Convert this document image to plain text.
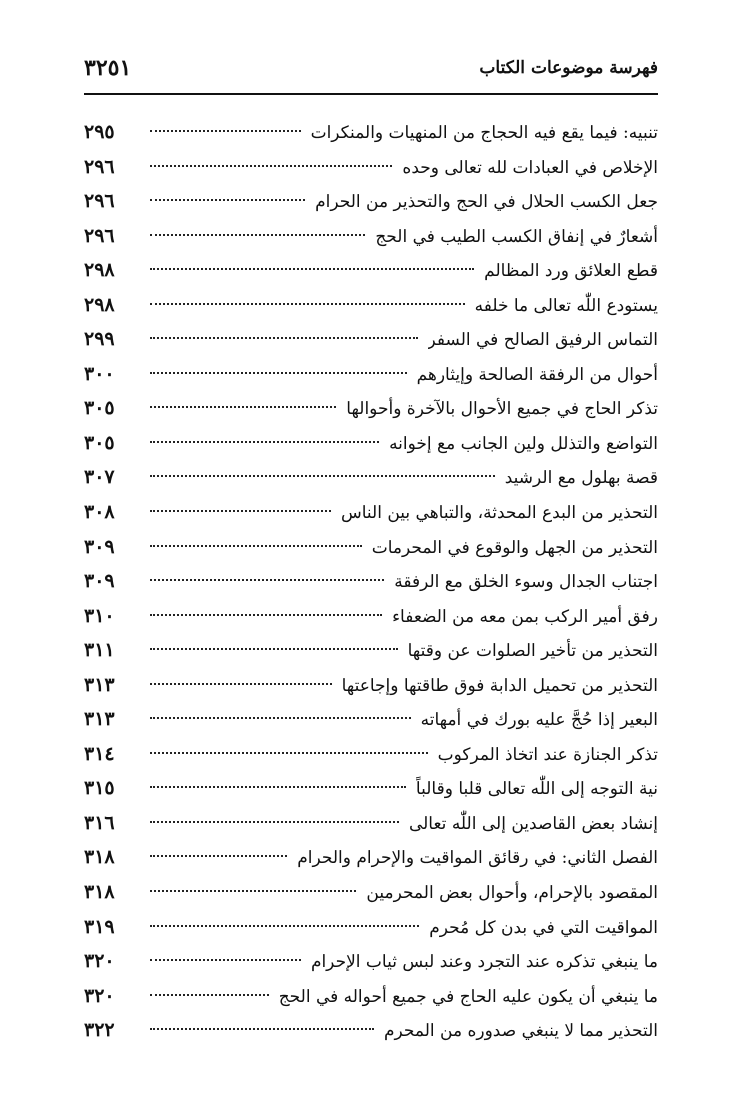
فهرسة موضوعات الكتاب
٣٢٥١
تنبيه: فيما يقع فيه الحجاج من المنهيات والمنكرات
٢٩٥
الإخلاص في العبادات لله تعالى وحده
٢٩٦
جعل الكسب الحلال في الحج والتحذير من الحرام
٢٩٦
أشعارٌ في إنفاق الكسب الطيب في الحج
٢٩٦
قطع العلائق ورد المظالم
٢٩٨
يستودع اللّٰه تعالى ما خلفه
٢٩٨
التماس الرفيق الصالح في السفر
٢٩٩
أحوال من الرفقة الصالحة وإيثارهم
٣٠٠
تذكر الحاج في جميع الأحوال بالآخرة وأحوالها
٣٠٥
التواضع والتذلل ولين الجانب مع إخوانه
٣٠٥
قصة بهلول مع الرشيد
٣٠٧
التحذير من البدع المحدثة، والتباهي بين الناس
٣٠٨
التحذير من الجهل والوقوع في المحرمات
٣٠٩
اجتناب الجدال وسوء الخلق مع الرفقة
٣٠٩
رفق أمير الركب بمن معه من الضعفاء
٣١٠
التحذير من تأخير الصلوات عن وقتها
٣١١
التحذير من تحميل الدابة فوق طاقتها وإجاعتها
٣١٣
البعير إذا حُجَّ عليه بورك في أمهاته
٣١٣
تذكر الجنازة عند اتخاذ المركوب
٣١٤
نية التوجه إلى اللّٰه تعالى قلبا وقالباً
٣١٥
إنشاد بعض القاصدين إلى اللّٰه تعالى
٣١٦
الفصل الثاني: في رقائق المواقيت والإحرام والحرام
٣١٨
المقصود بالإحرام، وأحوال بعض المحرمين
٣١٨
المواقيت التي في بدن كل مُحرم
٣١٩
ما ينبغي تذكره عند التجرد وعند لبس ثياب الإحرام
٣٢٠
ما ينبغي أن يكون عليه الحاج في جميع أحواله في الحج
٣٢٠
التحذير مما لا ينبغي صدوره من المحرم
٣٢٢
